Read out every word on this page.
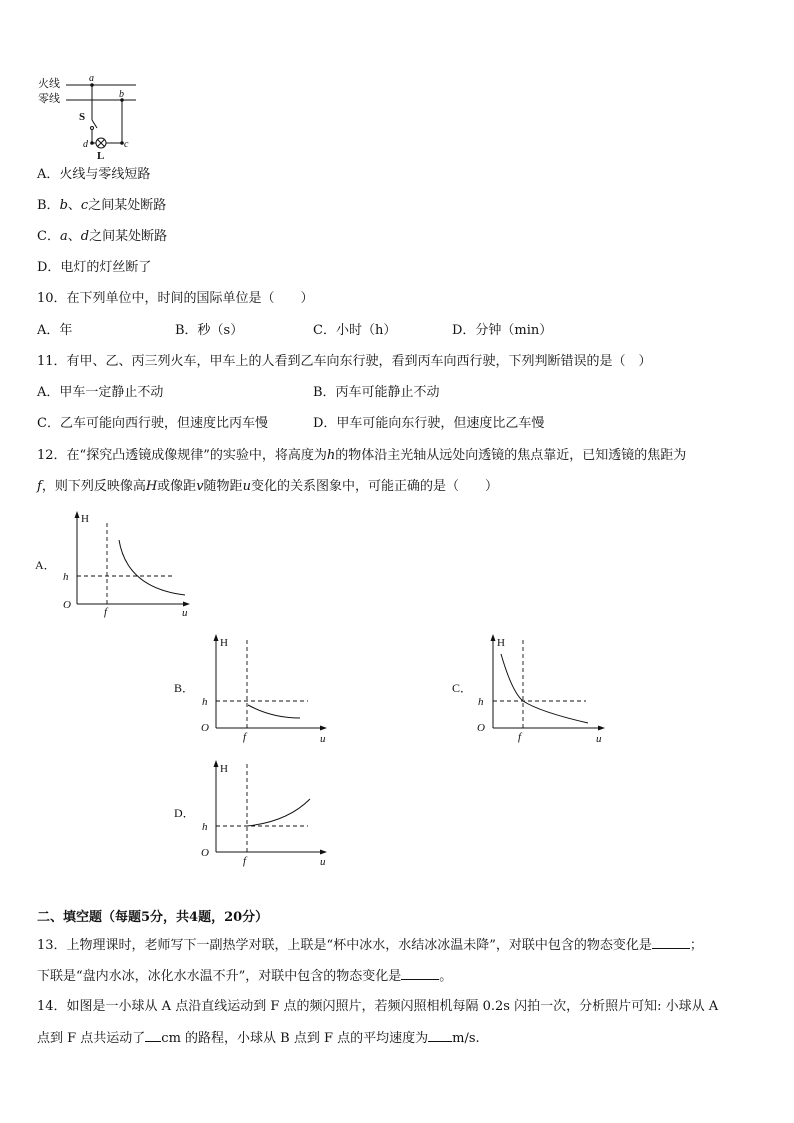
火线
零线
a
b
S
d	c
L
A．火线与零线短路
B．b、c之间某处断路
C．a、d之间某处断路
D．电灯的灯丝断了
10．在下列单位中，时间的国际单位是（　　）
A．年	B．秒（s）	C．小时（h）	D．分钟（min）
11．有甲、乙、丙三列火车，甲车上的人看到乙车向东行驶，看到丙车向西行驶，下列判断错误的是（　）
A．甲车一定静止不动	B．丙车可能静止不动
C．乙车可能向西行驶，但速度比丙车慢	D．甲车可能向东行驶，但速度比乙车慢
12．在“探究凸透镜成像规律”的实验中，将高度为h的物体沿主光轴从远处向透镜的焦点靠近，已知透镜的焦距为
f，则下列反映像高H或像距v随物距u变化的关系图象中，可能正确的是（　　）
A．
H
u
O
h
f
B．
H
u
O
h
f
C．
H
u
O
h
f
D．
H
u
O
h
f
二、填空题（每题5分，共4题，20分）
13．上物理课时，老师写下一副热学对联，上联是“杯中冰水，水结冰冰温未降”，对联中包含的物态变化是	；
下联是“盘内水冰，冰化水水温不升”，对联中包含的物态变化是	。
14．如图是一小球从 A 点沿直线运动到 F 点的频闪照片，若频闪照相机每隔 0.2s 闪拍一次，分析照片可知: 小球从 A
点到 F 点共运动了 cm 的路程，小球从 B 点到 F 点的平均速度为 m/s.
